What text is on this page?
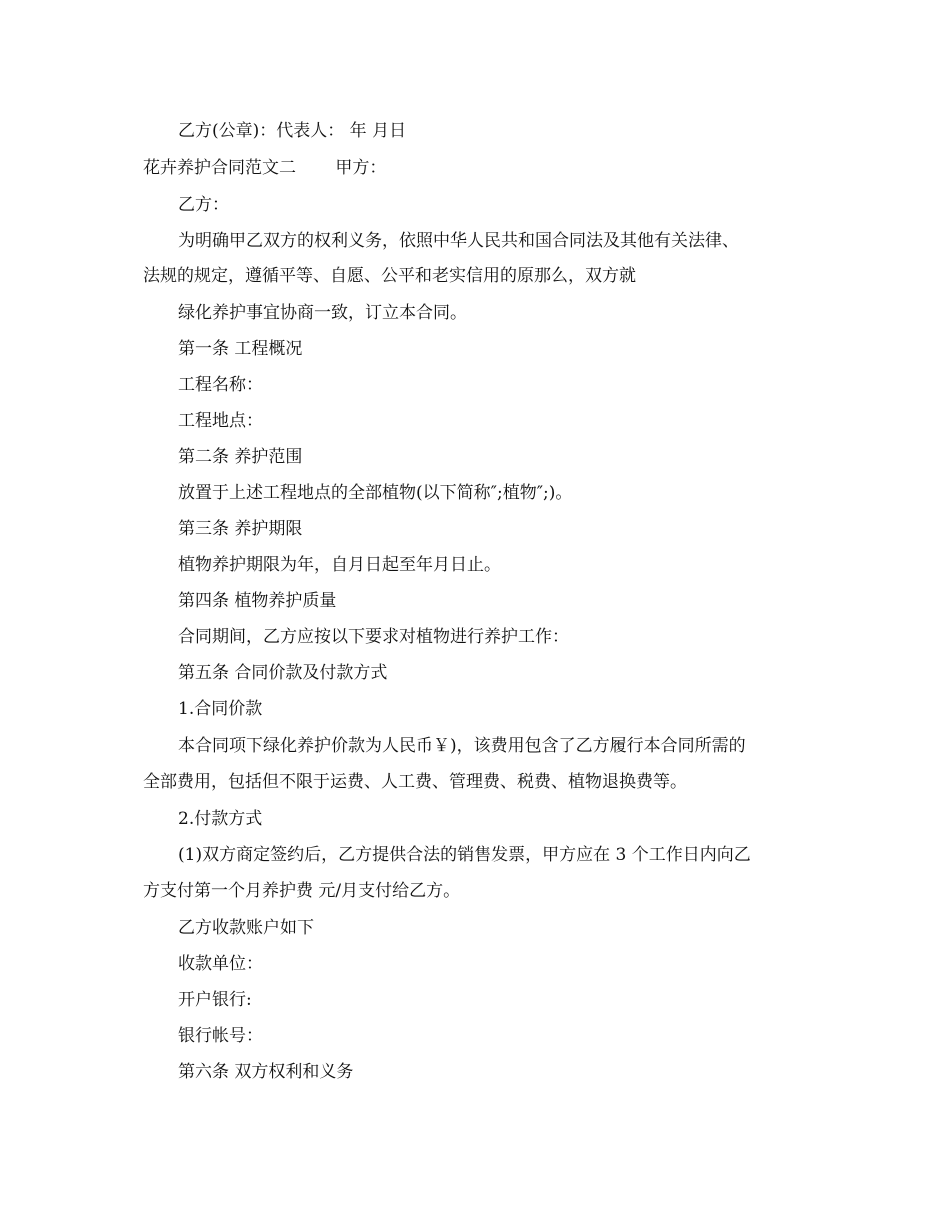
乙方(公章)：代表人： 年 月日
花卉养护合同范文二　　 甲方：
乙方：
为明确甲乙双方的权利义务，依照中华人民共和国合同法及其他有关法律、
法规的规定，遵循平等、自愿、公平和老实信用的原那么，双方就
绿化养护事宜协商一致，订立本合同。
第一条 工程概况
工程名称：
工程地点：
第二条 养护范围
放置于上述工程地点的全部植物(以下简称″;植物″;)。
第三条 养护期限
植物养护期限为年，自月日起至年月日止。
第四条 植物养护质量
合同期间，乙方应按以下要求对植物进行养护工作：
第五条 合同价款及付款方式
1.合同价款
本合同项下绿化养护价款为人民币￥)，该费用包含了乙方履行本合同所需的
全部费用，包括但不限于运费、人工费、管理费、税费、植物退换费等。
2.付款方式
(1)双方商定签约后，乙方提供合法的销售发票，甲方应在 3 个工作日内向乙
方支付第一个月养护费 元/月支付给乙方。
乙方收款账户如下
收款单位：
开户银行:
银行帐号：
第六条 双方权利和义务
